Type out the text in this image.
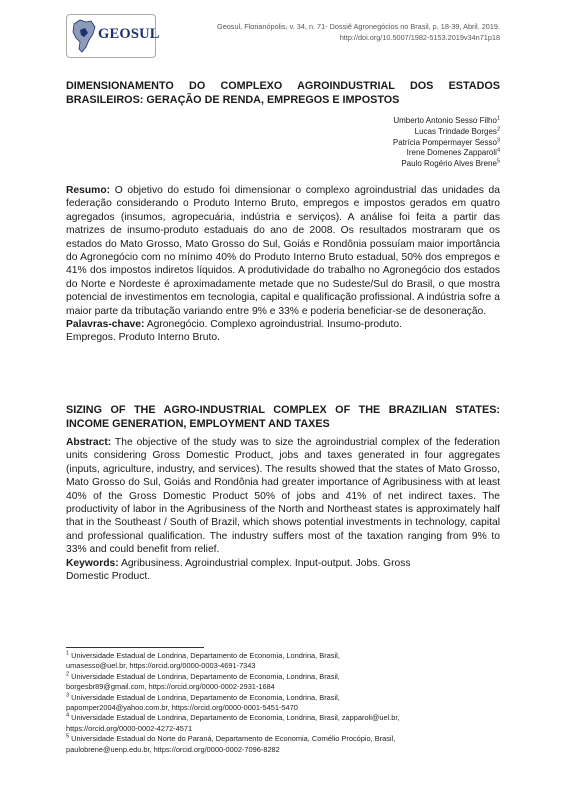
GEOSUL	Geosul, Florianópolis, v. 34, n. 71- Dossiê Agronegócios no Brasil, p. 18-39, Abril. 2019.
http://doi.org/10.5007/1982-5153.2019v34n71p18
DIMENSIONAMENTO DO COMPLEXO AGROINDUSTRIAL DOS ESTADOS BRASILEIROS: GERAÇÃO DE RENDA, EMPREGOS E IMPOSTOS
Umberto Antonio Sesso Filho$^1$
Lucas Trindade Borges$^2$
Patrícia Pompermayer Sesso$^3$
Irene Domenes Zapparoli$^4$
Paulo Rogério Alves Brene$^5$

Resumo: O objetivo do estudo foi dimensionar o complexo agroindustrial das unidades da federação considerando o Produto Interno Bruto, empregos e impostos gerados em quatro agregados (insumos, agropecuária, indústria e serviços). A análise foi feita a partir das matrizes de insumo-produto estaduais do ano de 2008. Os resultados mostraram que os estados do Mato Grosso, Mato Grosso do Sul, Goiás e Rondônia possuíam maior importância do Agronegócio com no mínimo 40% do Produto Interno Bruto estadual, 50% dos empregos e 41% dos impostos indiretos líquidos. A produtividade do trabalho no Agronegócio dos estados do Norte e Nordeste é aproximadamente metade que no Sudeste/Sul do Brasil, o que mostra potencial de investimentos em tecnologia, capital e qualificação profissional. A indústria sofre a maior parte da tributação variando entre 9% e 33% e poderia beneficiar-se de desoneração.

Palavras-chave: Agronegócio. Complexo agroindustrial. Insumo-produto.
Empregos. Produto Interno Bruto.
SIZING OF THE AGRO-INDUSTRIAL COMPLEX OF THE BRAZILIAN STATES: INCOME GENERATION, EMPLOYMENT AND TAXES

Abstract: The objective of the study was to size the agroindustrial complex of the federation units considering Gross Domestic Product, jobs and taxes generated in four aggregates (inputs, agriculture, industry, and services). The results showed that the states of Mato Grosso, Mato Grosso do Sul, Goiás and Rondônia had greater importance of Agribusiness with at least 40% of the Gross Domestic Product 50% of jobs and 41% of net indirect taxes. The productivity of labor in the Agribusiness of the North and Northeast states is approximately half that in the Southeast / South of Brazil, which shows potential investments in technology, capital and professional qualification. The industry suffers most of the taxation ranging from 9% to 33% and could benefit from relief.

Keywords: Agribusiness. Agroindustrial complex. Input-output. Jobs. Gross
Domestic Product.
$^1$ Universidade Estadual de Londrina, Departamento de Economia, Londrina, Brasil,
umasesso@uel.br, https://orcid.org/0000-0003-4691-7343
$^2$ Universidade Estadual de Londrina, Departamento de Economia, Londrina, Brasil,
borgesbr89@gmail.com, https://orcid.org/0000-0002-2931-1684
$^3$ Universidade Estadual de Londrina, Departamento de Economia, Londrina, Brasil,
papomper2004@yahoo.com.br, https://orcid.org/0000-0001-5451-5470
$^4$ Universidade Estadual de Londrina, Departamento de Economia, Londrina, Brasil, zapparoli@uel.br,
https://orcid.org/0000-0002-4272-4571
$^5$ Universidade Estadual do Norte do Paraná, Departamento de Economia, Cornélio Procópio, Brasil,
paulobrene@uenp.edu.br, https://orcid.org/0000-0002-7096-8282
